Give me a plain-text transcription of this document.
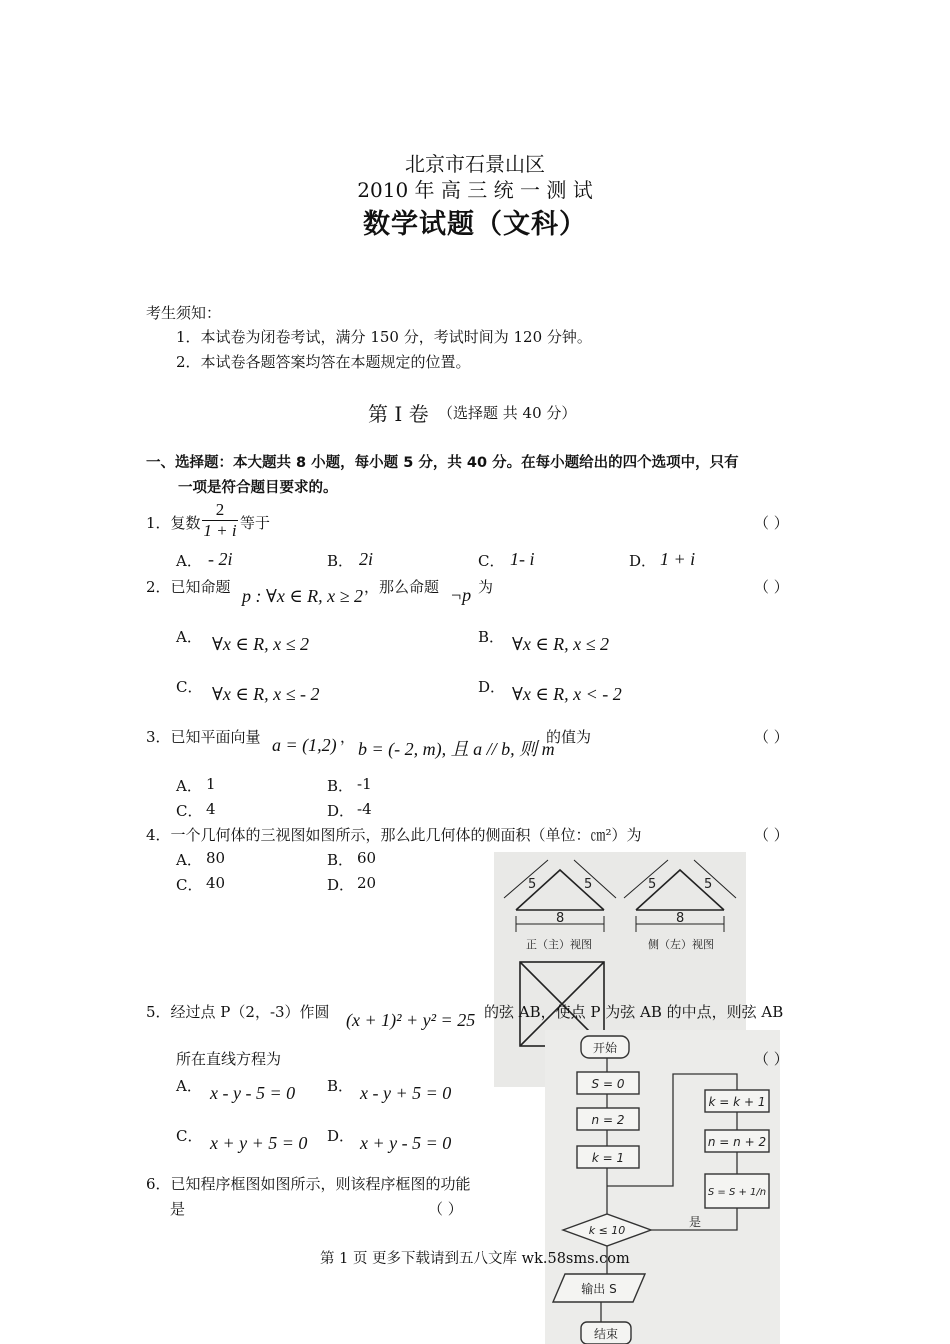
北京市石景山区
2010 年 高 三 统 一 测 试
数学试题（文科）
考生须知：
1．本试卷为闭卷考试，满分 150 分，考试时间为 120 分钟。
2．本试卷各题答案均答在本题规定的位置。
第 Ⅰ 卷 （选择题 共 40 分）
一、选择题：本大题共 8 小题，每小题 5 分，共 40 分。在每小题给出的四个选项中，只有
一项是符合题目要求的。
1．复数 $\frac{2}{1 + i}$ 等于	（ ）
A． - 2i	B． 2i	C． 1- i	D． 1 + i
2．已知命题 p : ∀x ∈ R, x ≥ 2 ，那么命题 ¬p 为	（ ）
A． ∀x ∈ R, x ≤ 2	B． ∀x ∈ R, x ≤ 2
C． ∀x ∈ R, x ≤ - 2	D． ∀x ∈ R, x < - 2
3．已知平面向量 a = (1,2) ，
b = (- 2, m), 且 a // b, 则 m
的值为	（ ）
A． 1	B． -1
C． 4	D． -4
4．一个几何体的三视图如图所示，那么此几何体的侧面积（单位：㎝²）为	（ ）
A． 80	B． 60
C． 40	D． 20	5	5
8
5	5
8
正（主）视图	侧（左）视图
开始
S = 0
n = 2
k = 1
k ≤ 10
是
输出 S
结束
k = k + 1
n = n + 2
S = S + 1/n
5．经过点 P（2，-3）作圆 (x + 1)² + y² = 25 的弦 AB，使点 P 为弦 AB 的中点，则弦 AB
所在直线方程为	（ ）
A． x - y - 5 = 0 B． x - y + 5 = 0
C． x + y + 5 = 0 D． x + y - 5 = 0
6．已知程序框图如图所示，则该程序框图的功能
是	（ ）
第 1 页 更多下载请到五八文库 wk.58sms.com
